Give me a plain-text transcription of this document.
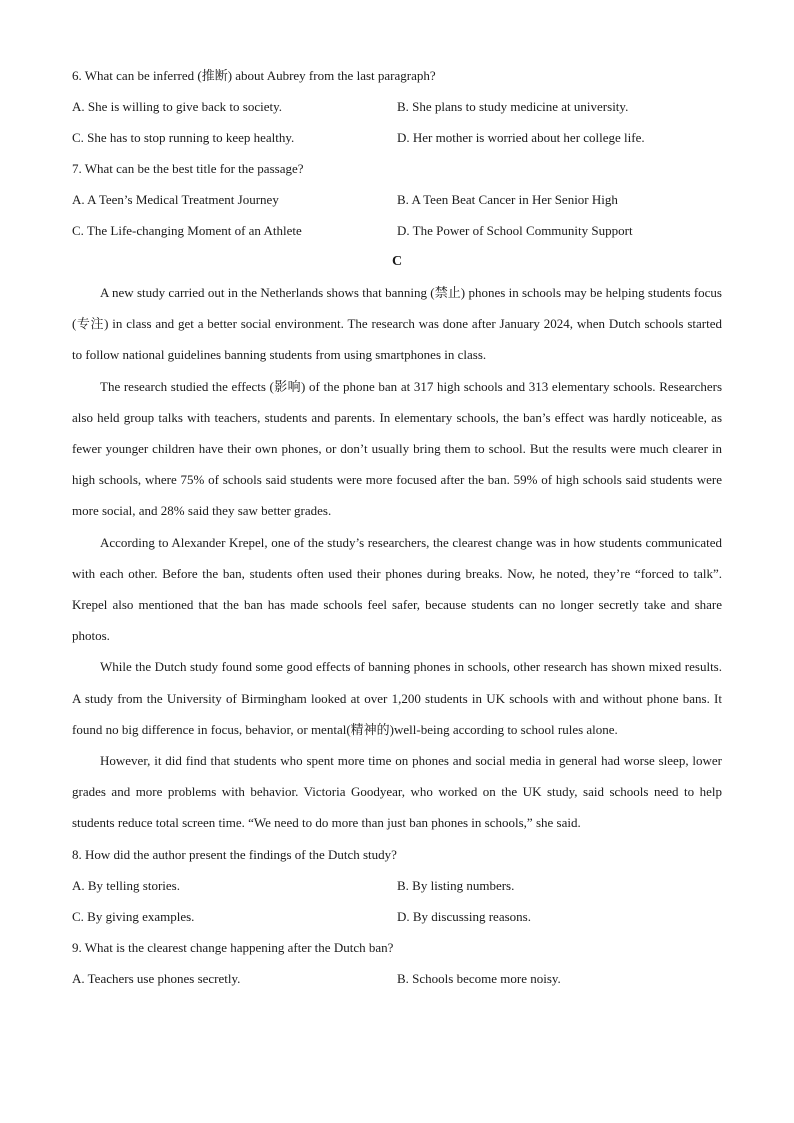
6. What can be inferred (推断) about Aubrey from the last paragraph?
A. She is willing to give back to society.	B. She plans to study medicine at university.
C. She has to stop running to keep healthy.	D. Her mother is worried about her college life.
7. What can be the best title for the passage?
A. A Teen’s Medical Treatment Journey	B. A Teen Beat Cancer in Her Senior High
C. The Life-changing Moment of an Athlete	D. The Power of School Community Support
C

A new study carried out in the Netherlands shows that banning (禁止) phones in schools may be helping students focus (专注) in class and get a better social environment. The research was done after January 2024, when Dutch schools started to follow national guidelines banning students from using smartphones in class.

The research studied the effects (影响) of the phone ban at 317 high schools and 313 elementary schools. Researchers also held group talks with teachers, students and parents. In elementary schools, the ban’s effect was hardly noticeable, as fewer younger children have their own phones, or don’t usually bring them to school. But the results were much clearer in high schools, where 75% of schools said students were more focused after the ban. 59% of high schools said students were more social, and 28% said they saw better grades.

According to Alexander Krepel, one of the study’s researchers, the clearest change was in how students communicated with each other. Before the ban, students often used their phones during breaks. Now, he noted, they’re “forced to talk”. Krepel also mentioned that the ban has made schools feel safer, because students can no longer secretly take and share photos.

While the Dutch study found some good effects of banning phones in schools, other research has shown mixed results. A study from the University of Birmingham looked at over 1,200 students in UK schools with and without phone bans. It found no big difference in focus, behavior, or mental(精神的)well-being according to school rules alone.

However, it did find that students who spent more time on phones and social media in general had worse sleep, lower grades and more problems with behavior. Victoria Goodyear, who worked on the UK study, said schools need to help students reduce total screen time. “We need to do more than just ban phones in schools,” she said.

8. How did the author present the findings of the Dutch study?
A. By telling stories.	B. By listing numbers.
C. By giving examples.	D. By discussing reasons.
9. What is the clearest change happening after the Dutch ban?
A. Teachers use phones secretly.	B. Schools become more noisy.
